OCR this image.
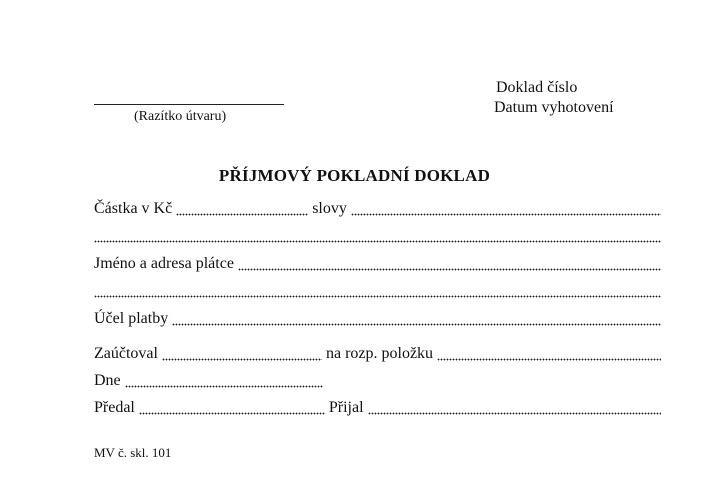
(Razítko útvaru)
Doklad číslo
Datum vyhotovení
PŘÍJMOVÝ POKLADNÍ DOKLAD
Částka v Kč	slovy
Jméno a adresa plátce
Účel platby
Zaúčtoval	na rozp. položku
Dne
Předal	Přijal
MV č. skl. 101
